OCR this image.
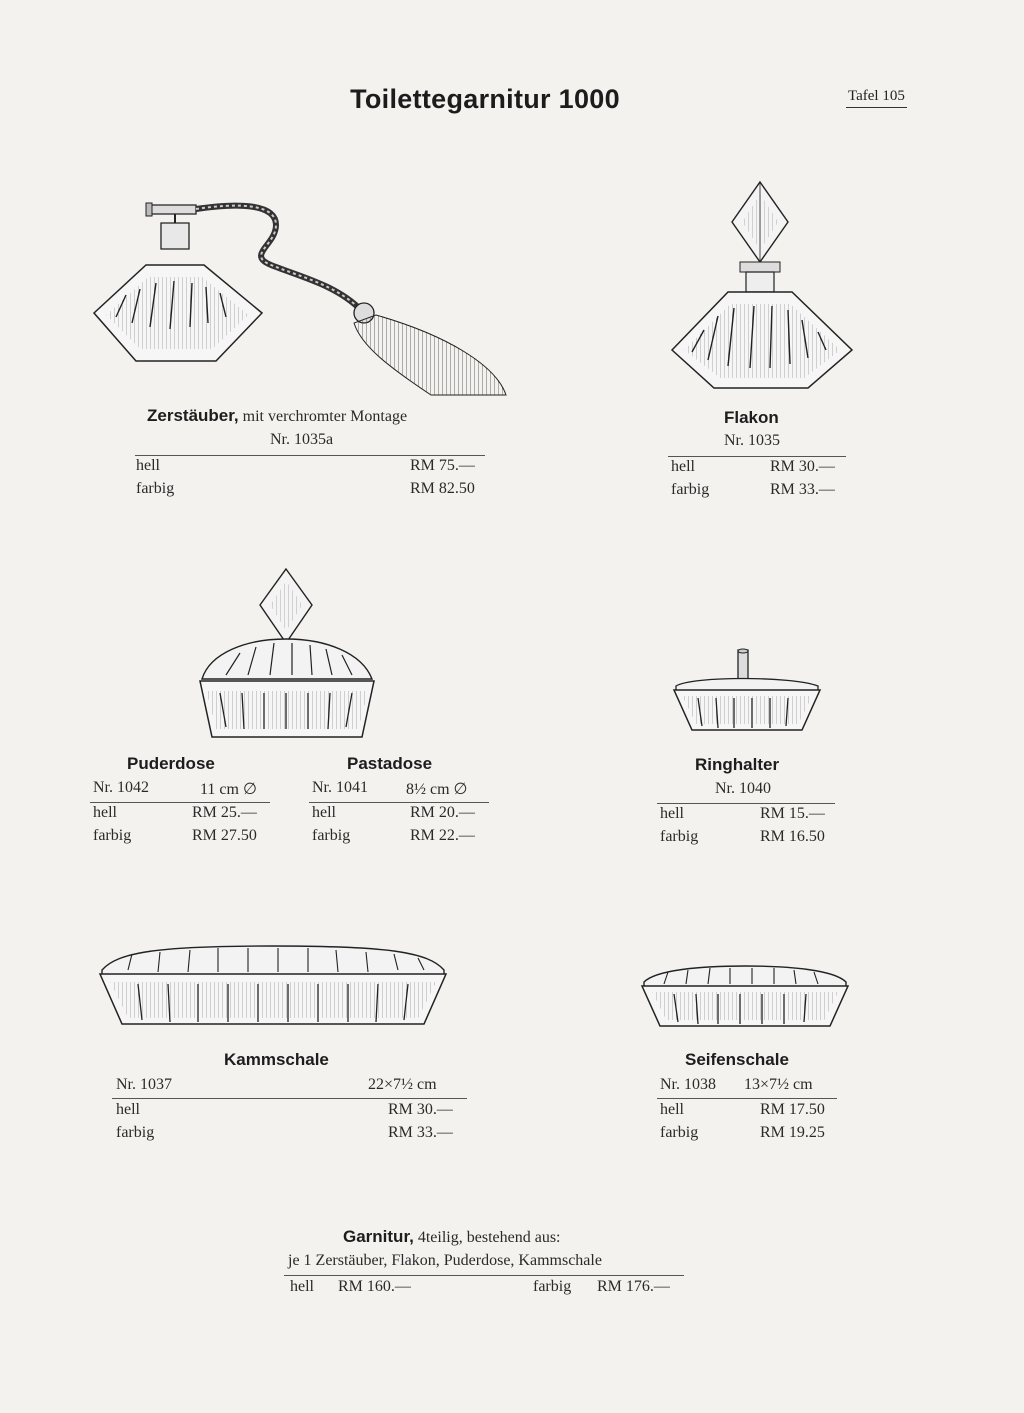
Toilettegarnitur 1000	Tafel 105
Zerstäuber, mit verchromter Montage
Nr. 1035a
hell	RM 75.—
farbig	RM 82.50
Flakon
Nr. 1035
hell	RM 30.—
farbig	RM 33.—
Puderdose
Nr. 1042	11 cm ∅
hell	RM 25.—
farbig	RM 27.50
Pastadose
Nr. 1041 8½ cm ∅
hell	RM 20.—
farbig	RM 22.—
Ringhalter
Nr. 1040
hell	RM 15.—
farbig	RM 16.50
Kammschale
Nr. 1037	22×7½ cm
hell	RM 30.—
farbig	RM 33.—
Seifenschale
Nr. 1038 13×7½ cm
hell	RM 17.50
farbig	RM 19.25
Garnitur, 4teilig, bestehend aus:
je 1 Zerstäuber, Flakon, Puderdose, Kammschale
hell RM 160.—	farbig RM 176.—
